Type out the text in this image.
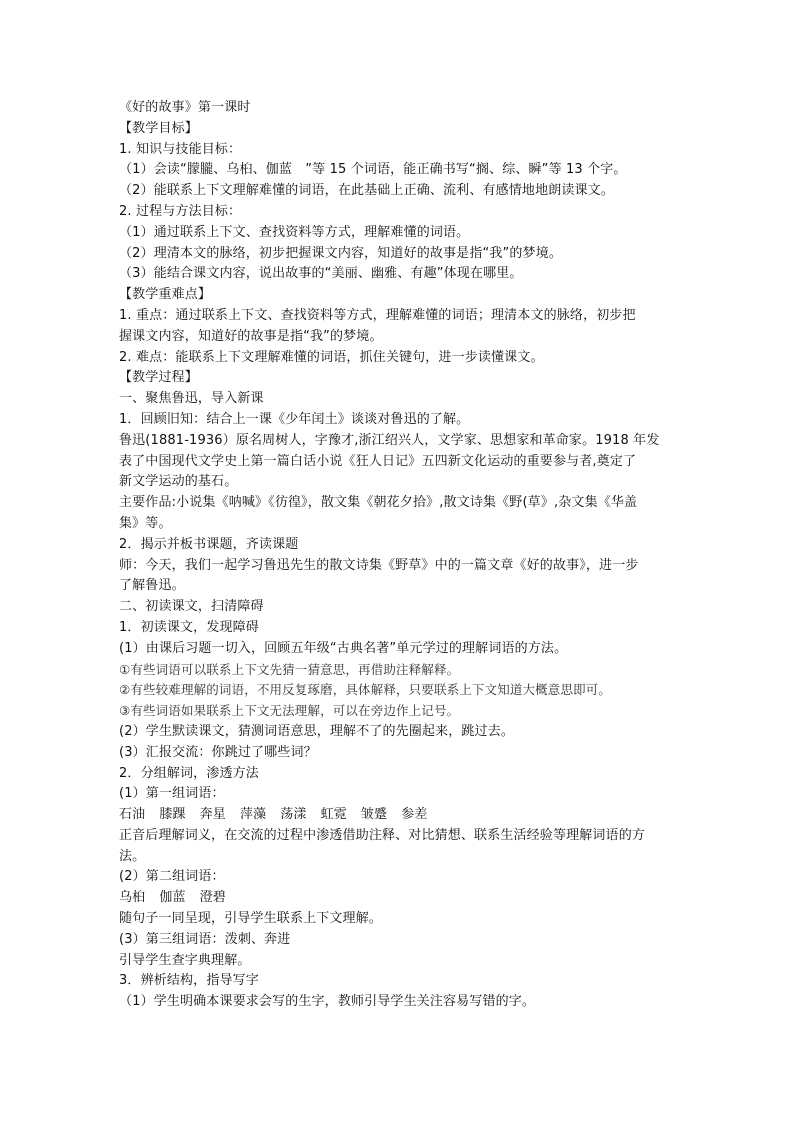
《好的故事》第一课时
【教学目标】
1. 知识与技能目标：
（1）会读“朦朧、乌桕、伽蓝　”等 15 个词语，能正确书写“搁、综、瞬”等 13 个字。
（2）能联系上下文理解难懂的词语，在此基础上正确、流利、有感情地地朗读课文。
2. 过程与方法目标：
（1）通过联系上下文、查找资料等方式，理解难懂的词语。
（2）理清本文的脉络，初步把握课文内容，知道好的故事是指“我”的梦境。
（3）能结合课文内容，说出故事的“美丽、幽雅、有趣”体现在哪里。
【教学重难点】
1. 重点：通过联系上下文、查找资料等方式，理解难懂的词语；理清本文的脉络，初步把
握课文内容，知道好的故事是指“我”的梦境。
2. 难点：能联系上下文理解难懂的词语，抓住关键句，进一步读懂课文。
【教学过程】
一、聚焦鲁迅，导入新课
1．回顾旧知：结合上一课《少年闰土》谈谈对鲁迅的了解。
鲁迅(1881-1936）原名周树人，字豫才,浙江绍兴人，文学家、思想家和革命家。1918 年发
表了中国现代文学史上第一篇白话小说《狂人日记》五四新文化运动的重要参与者,奠定了
新文学运动的基石。
主要作品:小说集《呐喊》《彷徨》，散文集《朝花夕拾》,散文诗集《野(草》,杂文集《华盖
集》等。
2．揭示并板书课题，齐读课题
师：今天，我们一起学习鲁迅先生的散文诗集《野草》中的一篇文章《好的故事》，进一步
了解鲁迅。
二、初读课文，扫清障碍
1．初读课文，发现障碍
(1）由课后习题一切入，回顾五年级“古典名著”单元学过的理解词语的方法。
①有些词语可以联系上下文先猜一猜意思，再借助注释解释。
②有些较难理解的词语，不用反复琢磨，具体解释，只要联系上下文知道大概意思即可。
③有些词语如果联系上下文无法理解，可以在旁边作上记号。
(2）学生默读课文，猜测词语意思，理解不了的先圈起来，跳过去。
(3）汇报交流：你跳过了哪些词？
2．分组解词，渗透方法
(1）第一组词语：
石油 膝踝 奔星 萍藻 荡漾 虹霓 皱蹙 参差
正音后理解词义，在交流的过程中渗透借助注释、对比猜想、联系生活经验等理解词语的方
法。
(2）第二组词语：
乌桕 伽蓝 澄碧
随句子一同呈现，引导学生联系上下文理解。
(3）第三组词语：泼刺、奔进
引导学生查字典理解。
3．辨析结构，指导写字
（1）学生明确本课要求会写的生字，教师引导学生关注容易写错的字。
